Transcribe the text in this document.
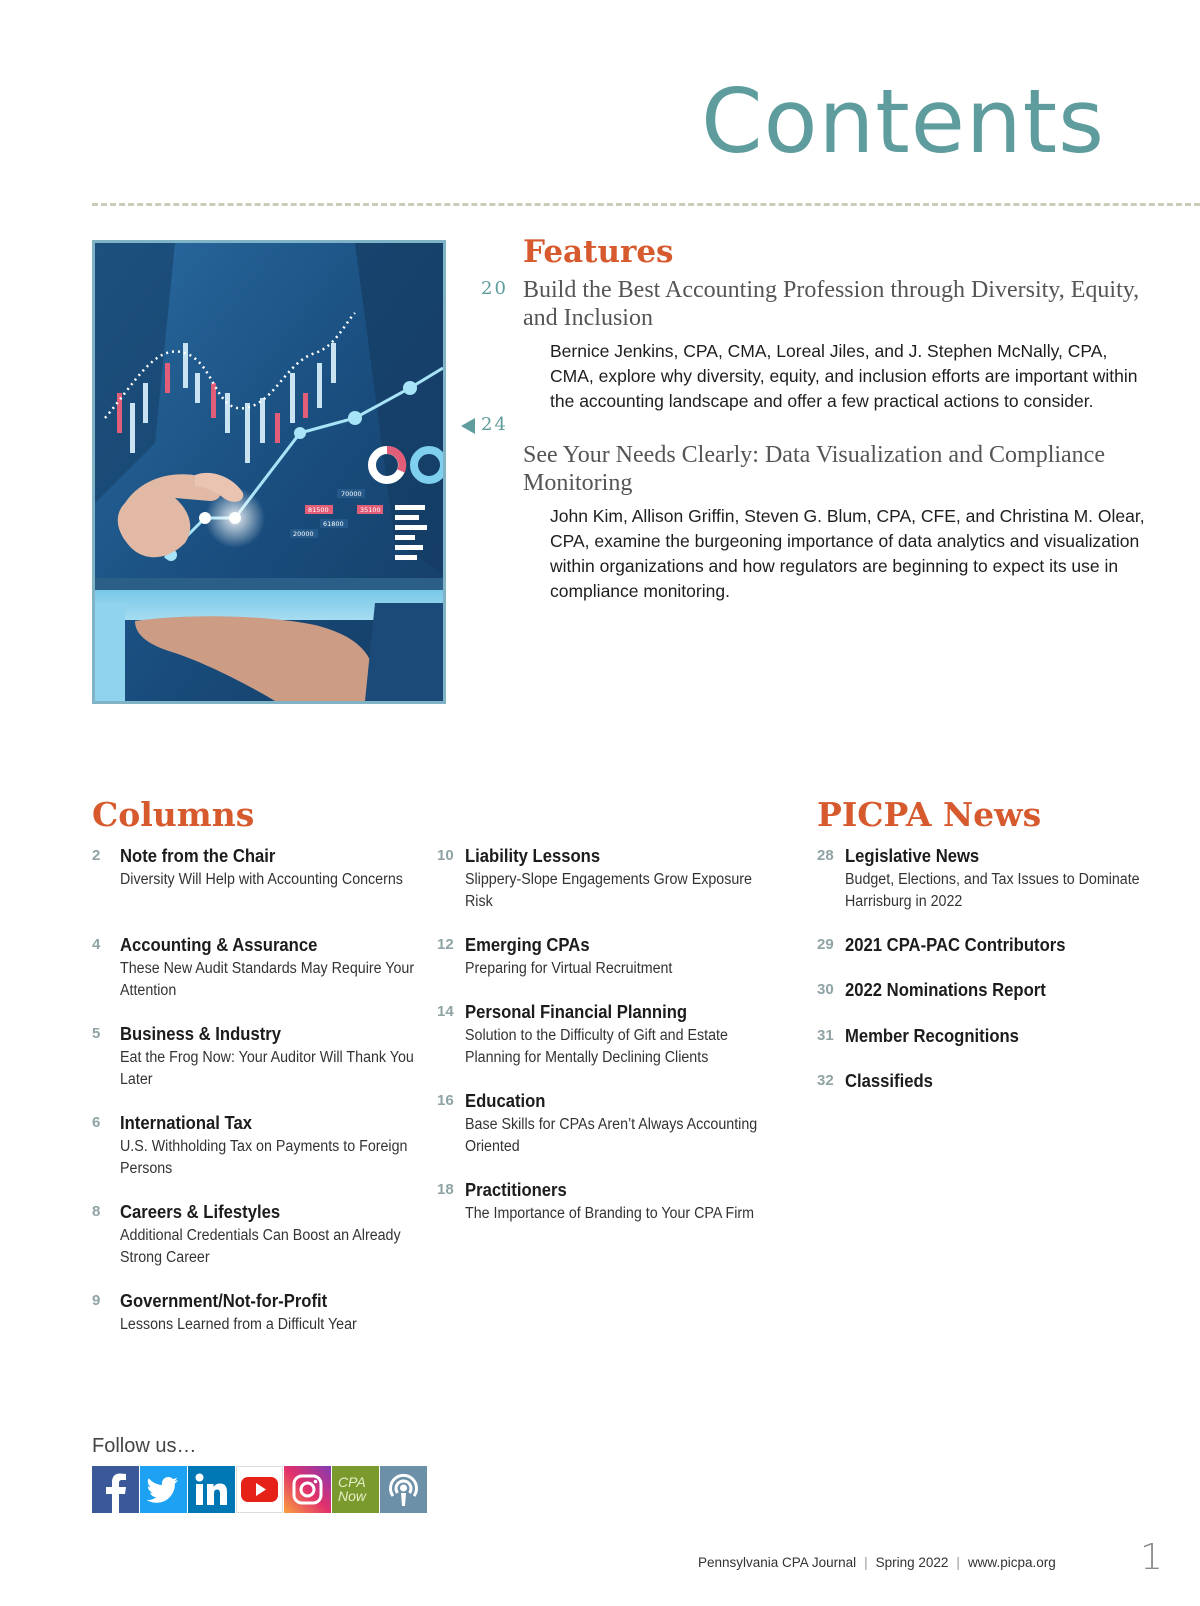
Contents
70000
35100
81500
61800
20000
Features
20 Build the Best Accounting Profession through Diversity, Equity, and Inclusion
Bernice Jenkins, CPA, CMA, Loreal Jiles, and J. Stephen McNally, CPA, CMA, explore why diversity, equity, and inclusion efforts are important within the accounting landscape and offer a few practical actions to consider.
24
See Your Needs Clearly: Data Visualization and Compliance Monitoring
John Kim, Allison Griffin, Steven G. Blum, CPA, CFE, and Christina M. Olear, CPA, examine the burgeoning importance of data analytics and visualization within organizations and how regulators are beginning to expect its use in compliance monitoring.
Columns
2	Note from the Chair
Diversity Will Help with Accounting Concerns
4	Accounting & Assurance
These New Audit Standards May Require Your Attention
5	Business & Industry
Eat the Frog Now: Your Auditor Will Thank You Later
6	International Tax
U.S. Withholding Tax on Payments to Foreign Persons
8	Careers & Lifestyles
Additional Credentials Can Boost an Already Strong Career
9	Government/Not-for-Profit
Lessons Learned from a Difficult Year
10 Liability Lessons
Slippery-Slope Engagements Grow Exposure Risk
12 Emerging CPAs
Preparing for Virtual Recruitment
14 Personal Financial Planning
Solution to the Difficulty of Gift and Estate Planning for Mentally Declining Clients
16 Education
Base Skills for CPAs Aren’t Always Accounting Oriented
18 Practitioners
The Importance of Branding to Your CPA Firm
PICPA News
28 Legislative News
Budget, Elections, and Tax Issues to Dominate Harrisburg in 2022
29 2021 CPA-PAC Contributors
30 2022 Nominations Report
31 Member Recognitions
32 Classifieds
Follow us…
CPA
Now
Pennsylvania CPA Journal | Spring 2022 | www.picpa.org 1
